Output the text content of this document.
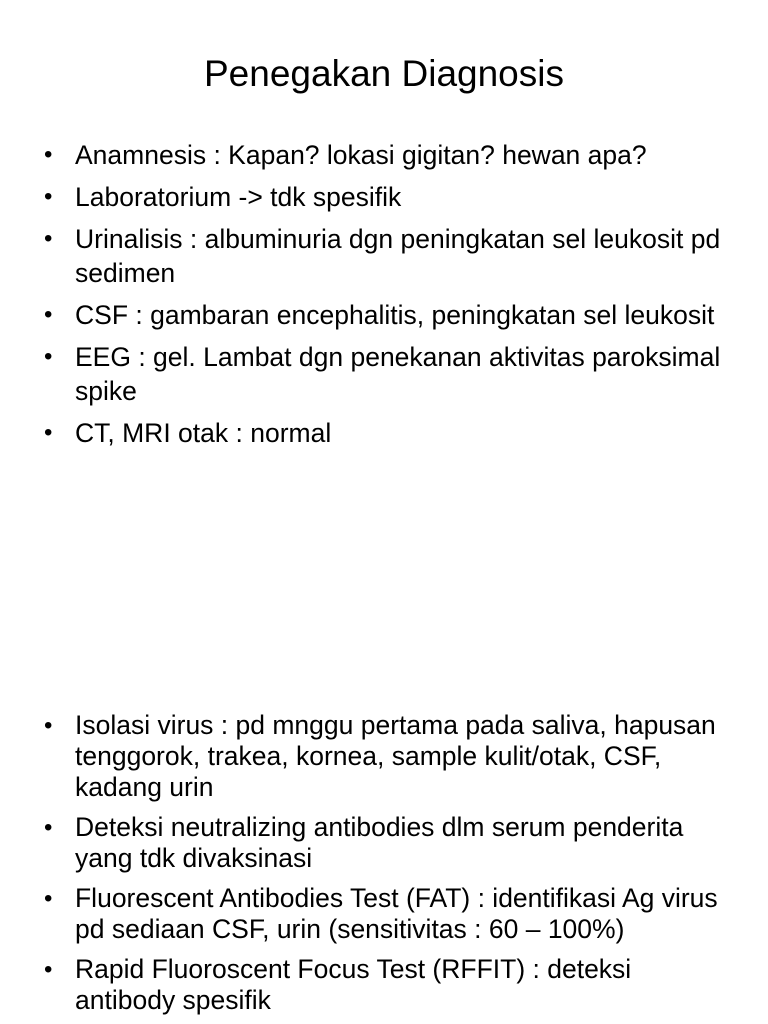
Penegakan Diagnosis
• Anamnesis : Kapan? lokasi gigitan? hewan apa?
• Laboratorium -> tdk spesifik
• Urinalisis : albuminuria dgn peningkatan sel leukosit pd sedimen
• CSF : gambaran encephalitis, peningkatan sel leukosit
• EEG : gel. Lambat dgn penekanan aktivitas paroksimal spike
• CT, MRI otak : normal
• Isolasi virus : pd mnggu pertama pada saliva, hapusan tenggorok, trakea, kornea, sample kulit/otak, CSF, kadang urin
• Deteksi neutralizing antibodies dlm serum penderita yang tdk divaksinasi
• Fluorescent Antibodies Test (FAT) : identifikasi Ag virus pd sediaan CSF, urin (sensitivitas : 60 – 100%)
• Rapid Fluoroscent Focus Test (RFFIT) : deteksi antibody spesifik
